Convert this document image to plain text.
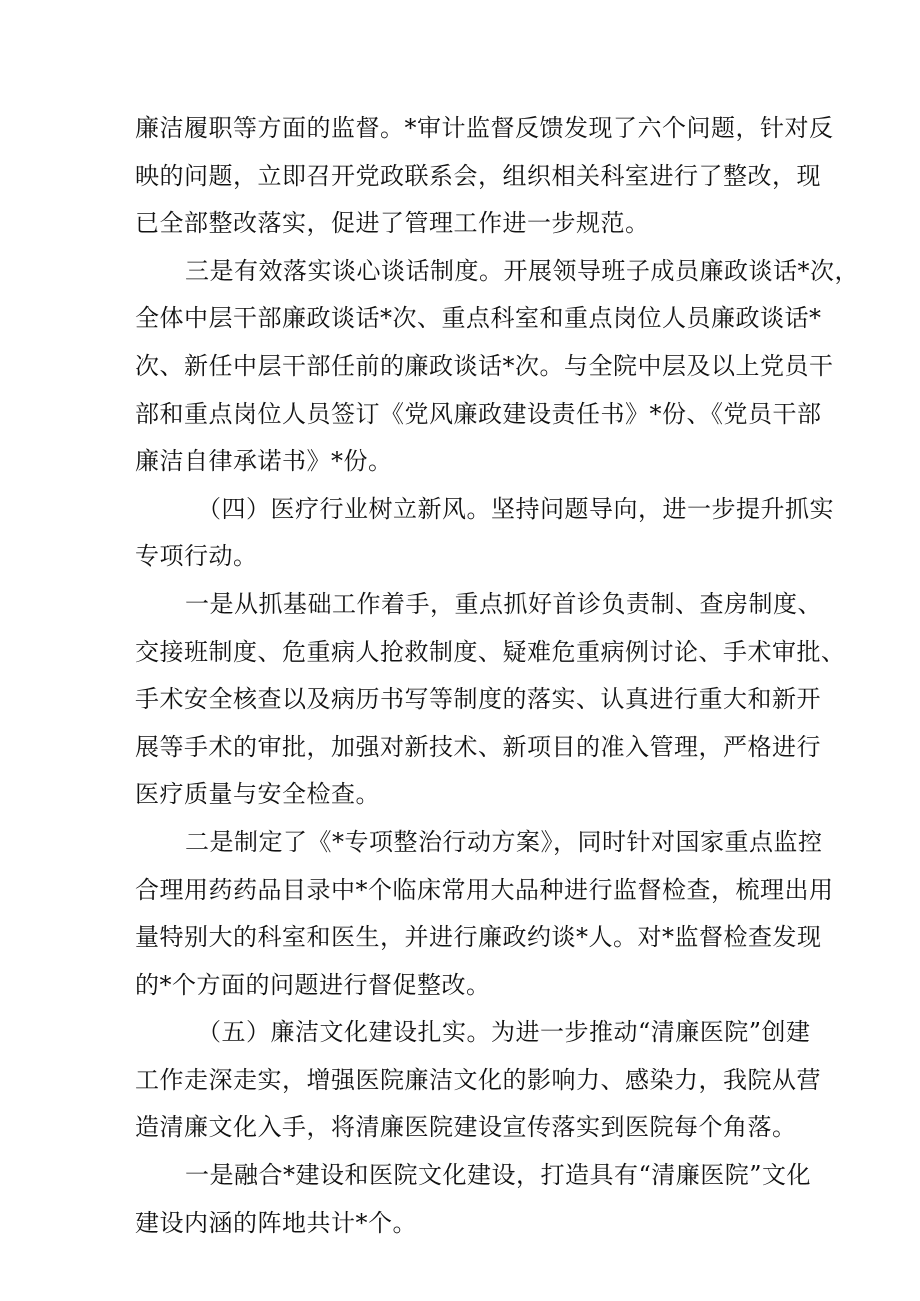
廉洁履职等方面的监督。*审计监督反馈发现了六个问题，针对反
映的问题，立即召开党政联系会，组织相关科室进行了整改，现
已全部整改落实，促进了管理工作进一步规范。
三是有效落实谈心谈话制度。开展领导班子成员廉政谈话*次，
全体中层干部廉政谈话*次、重点科室和重点岗位人员廉政谈话*
次、新任中层干部任前的廉政谈话*次。与全院中层及以上党员干
部和重点岗位人员签订《党风廉政建设责任书》*份、《党员干部
廉洁自律承诺书》*份。
（四）医疗行业树立新风。坚持问题导向，进一步提升抓实
专项行动。
一是从抓基础工作着手，重点抓好首诊负责制、查房制度、
交接班制度、危重病人抢救制度、疑难危重病例讨论、手术审批、
手术安全核查以及病历书写等制度的落实、认真进行重大和新开
展等手术的审批，加强对新技术、新项目的准入管理，严格进行
医疗质量与安全检查。
二是制定了《*专项整治行动方案》，同时针对国家重点监控
合理用药药品目录中*个临床常用大品种进行监督检查，梳理出用
量特别大的科室和医生，并进行廉政约谈*人。对*监督检查发现
的*个方面的问题进行督促整改。
（五）廉洁文化建设扎实。为进一步推动“清廉医院”创建
工作走深走实，增强医院廉洁文化的影响力、感染力，我院从营
造清廉文化入手，将清廉医院建设宣传落实到医院每个角落。
一是融合*建设和医院文化建设，打造具有“清廉医院”文化
建设内涵的阵地共计*个。
